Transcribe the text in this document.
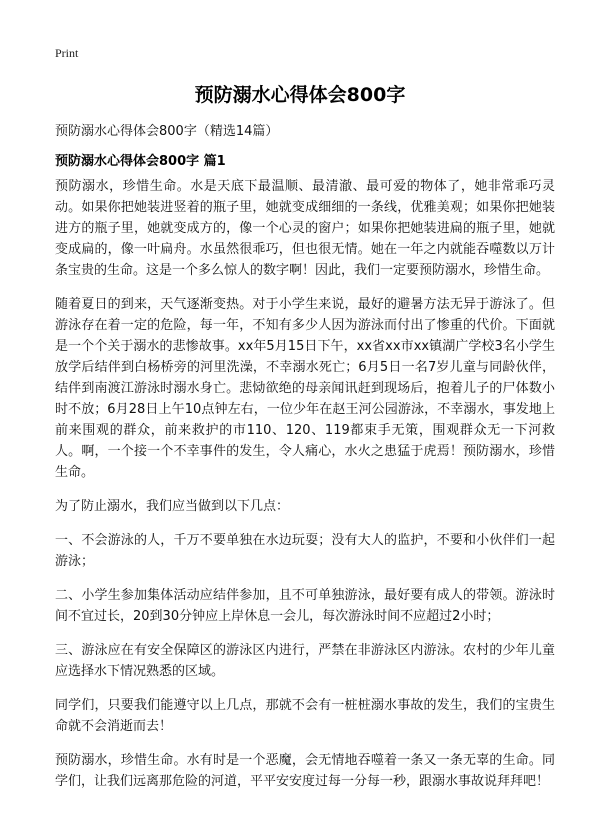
Print
预防溺水心得体会800字
预防溺水心得体会800字（精选14篇）
预防溺水心得体会800字 篇1

预防溺水，珍惜生命。水是天底下最温顺、最清澈、最可爱的物体了，她非常乖巧灵动。如果你把她装进竖着的瓶子里，她就变成细细的一条线，优雅美观；如果你把她装进方的瓶子里，她就变成方的，像一个心灵的窗户；如果你把她装进扁的瓶子里，她就变成扁的，像一叶扁舟。水虽然很乖巧，但也很无情。她在一年之内就能吞噬数以万计条宝贵的生命。这是一个多么惊人的数字啊！因此，我们一定要预防溺水，珍惜生命。

随着夏日的到来，天气逐渐变热。对于小学生来说，最好的避暑方法无异于游泳了。但游泳存在着一定的危险，每一年，不知有多少人因为游泳而付出了惨重的代价。下面就是一个个关于溺水的悲惨故事。xx年5月15日下午，xx省xx市xx镇湖广学校3名小学生放学后结伴到白杨桥旁的河里洗澡，不幸溺水死亡；6月5日一名7岁儿童与同龄伙伴，结伴到南渡江游泳时溺水身亡。悲恸欲绝的母亲闻讯赶到现场后，抱着儿子的尸体数小时不放；6月28日上午10点钟左右，一位少年在赵王河公园游泳，不幸溺水，事发地上前来围观的群众，前来救护的市110、120、119都束手无策，围观群众无一下河救人。啊，一个接一个不幸事件的发生，令人痛心，水火之患猛于虎焉！预防溺水，珍惜生命。

为了防止溺水，我们应当做到以下几点：

一、不会游泳的人，千万不要单独在水边玩耍；没有大人的监护，不要和小伙伴们一起游泳；

二、小学生参加集体活动应结伴参加，且不可单独游泳，最好要有成人的带领。游泳时间不宜过长，20到30分钟应上岸休息一会儿，每次游泳时间不应超过2小时；

三、游泳应在有安全保障区的游泳区内进行，严禁在非游泳区内游泳。农村的少年儿童应选择水下情况熟悉的区域。

同学们，只要我们能遵守以上几点，那就不会有一桩桩溺水事故的发生，我们的宝贵生命就不会消逝而去！

预防溺水，珍惜生命。水有时是一个恶魔，会无情地吞噬着一条又一条无辜的生命。同学们，让我们远离那危险的河道，平平安安度过每一分每一秒，跟溺水事故说拜拜吧！
